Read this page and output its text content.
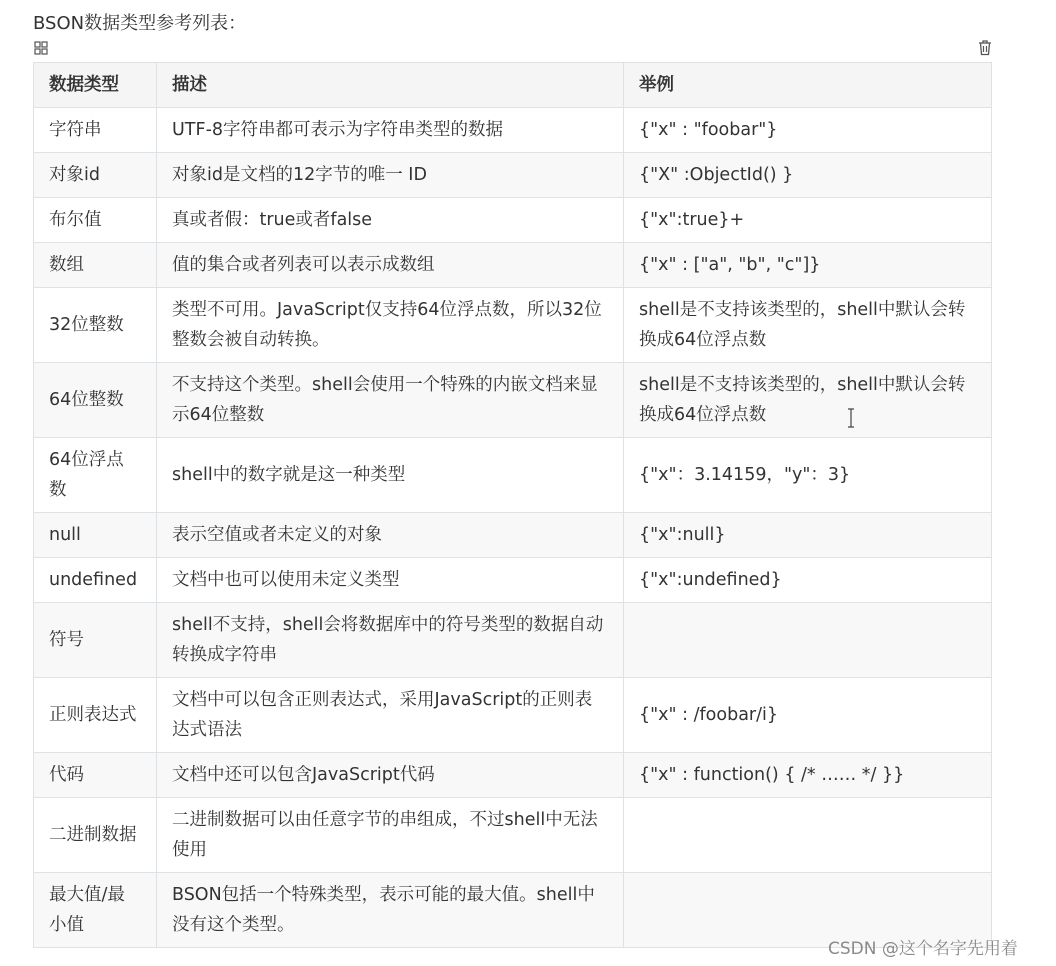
BSON数据类型参考列表：
数据类型	描述	举例
字符串	UTF-8字符串都可表示为字符串类型的数据	{"x" : "foobar"}
对象id	对象id是文档的12字节的唯一 ID	{"X" :ObjectId() }
布尔值	真或者假：true或者false	{"x":true}+
数组	值的集合或者列表可以表示成数组	{"x" : ["a", "b", "c"]}
32位整数	类型不可用。JavaScript仅支持64位浮点数，所以32位整数会被自动转换。	shell是不支持该类型的，shell中默认会转换成64位浮点数
64位整数	不支持这个类型。shell会使用一个特殊的内嵌文档来显示64位整数	shell是不支持该类型的，shell中默认会转换成64位浮点数
64位浮点数	shell中的数字就是这一种类型	{"x"：3.14159，"y"：3}
null	表示空值或者未定义的对象	{"x":null}
undefined	文档中也可以使用未定义类型	{"x":undefined}
符号	shell不支持，shell会将数据库中的符号类型的数据自动转换成字符串	
正则表达式	文档中可以包含正则表达式，采用JavaScript的正则表达式语法	{"x" : /foobar/i}
代码	文档中还可以包含JavaScript代码	{"x" : function() { /* …… */ }}
二进制数据	二进制数据可以由任意字节的串组成，不过shell中无法使用	
最大值/最小值	BSON包括一个特殊类型，表示可能的最大值。shell中没有这个类型。	
CSDN @这个名字先用着
